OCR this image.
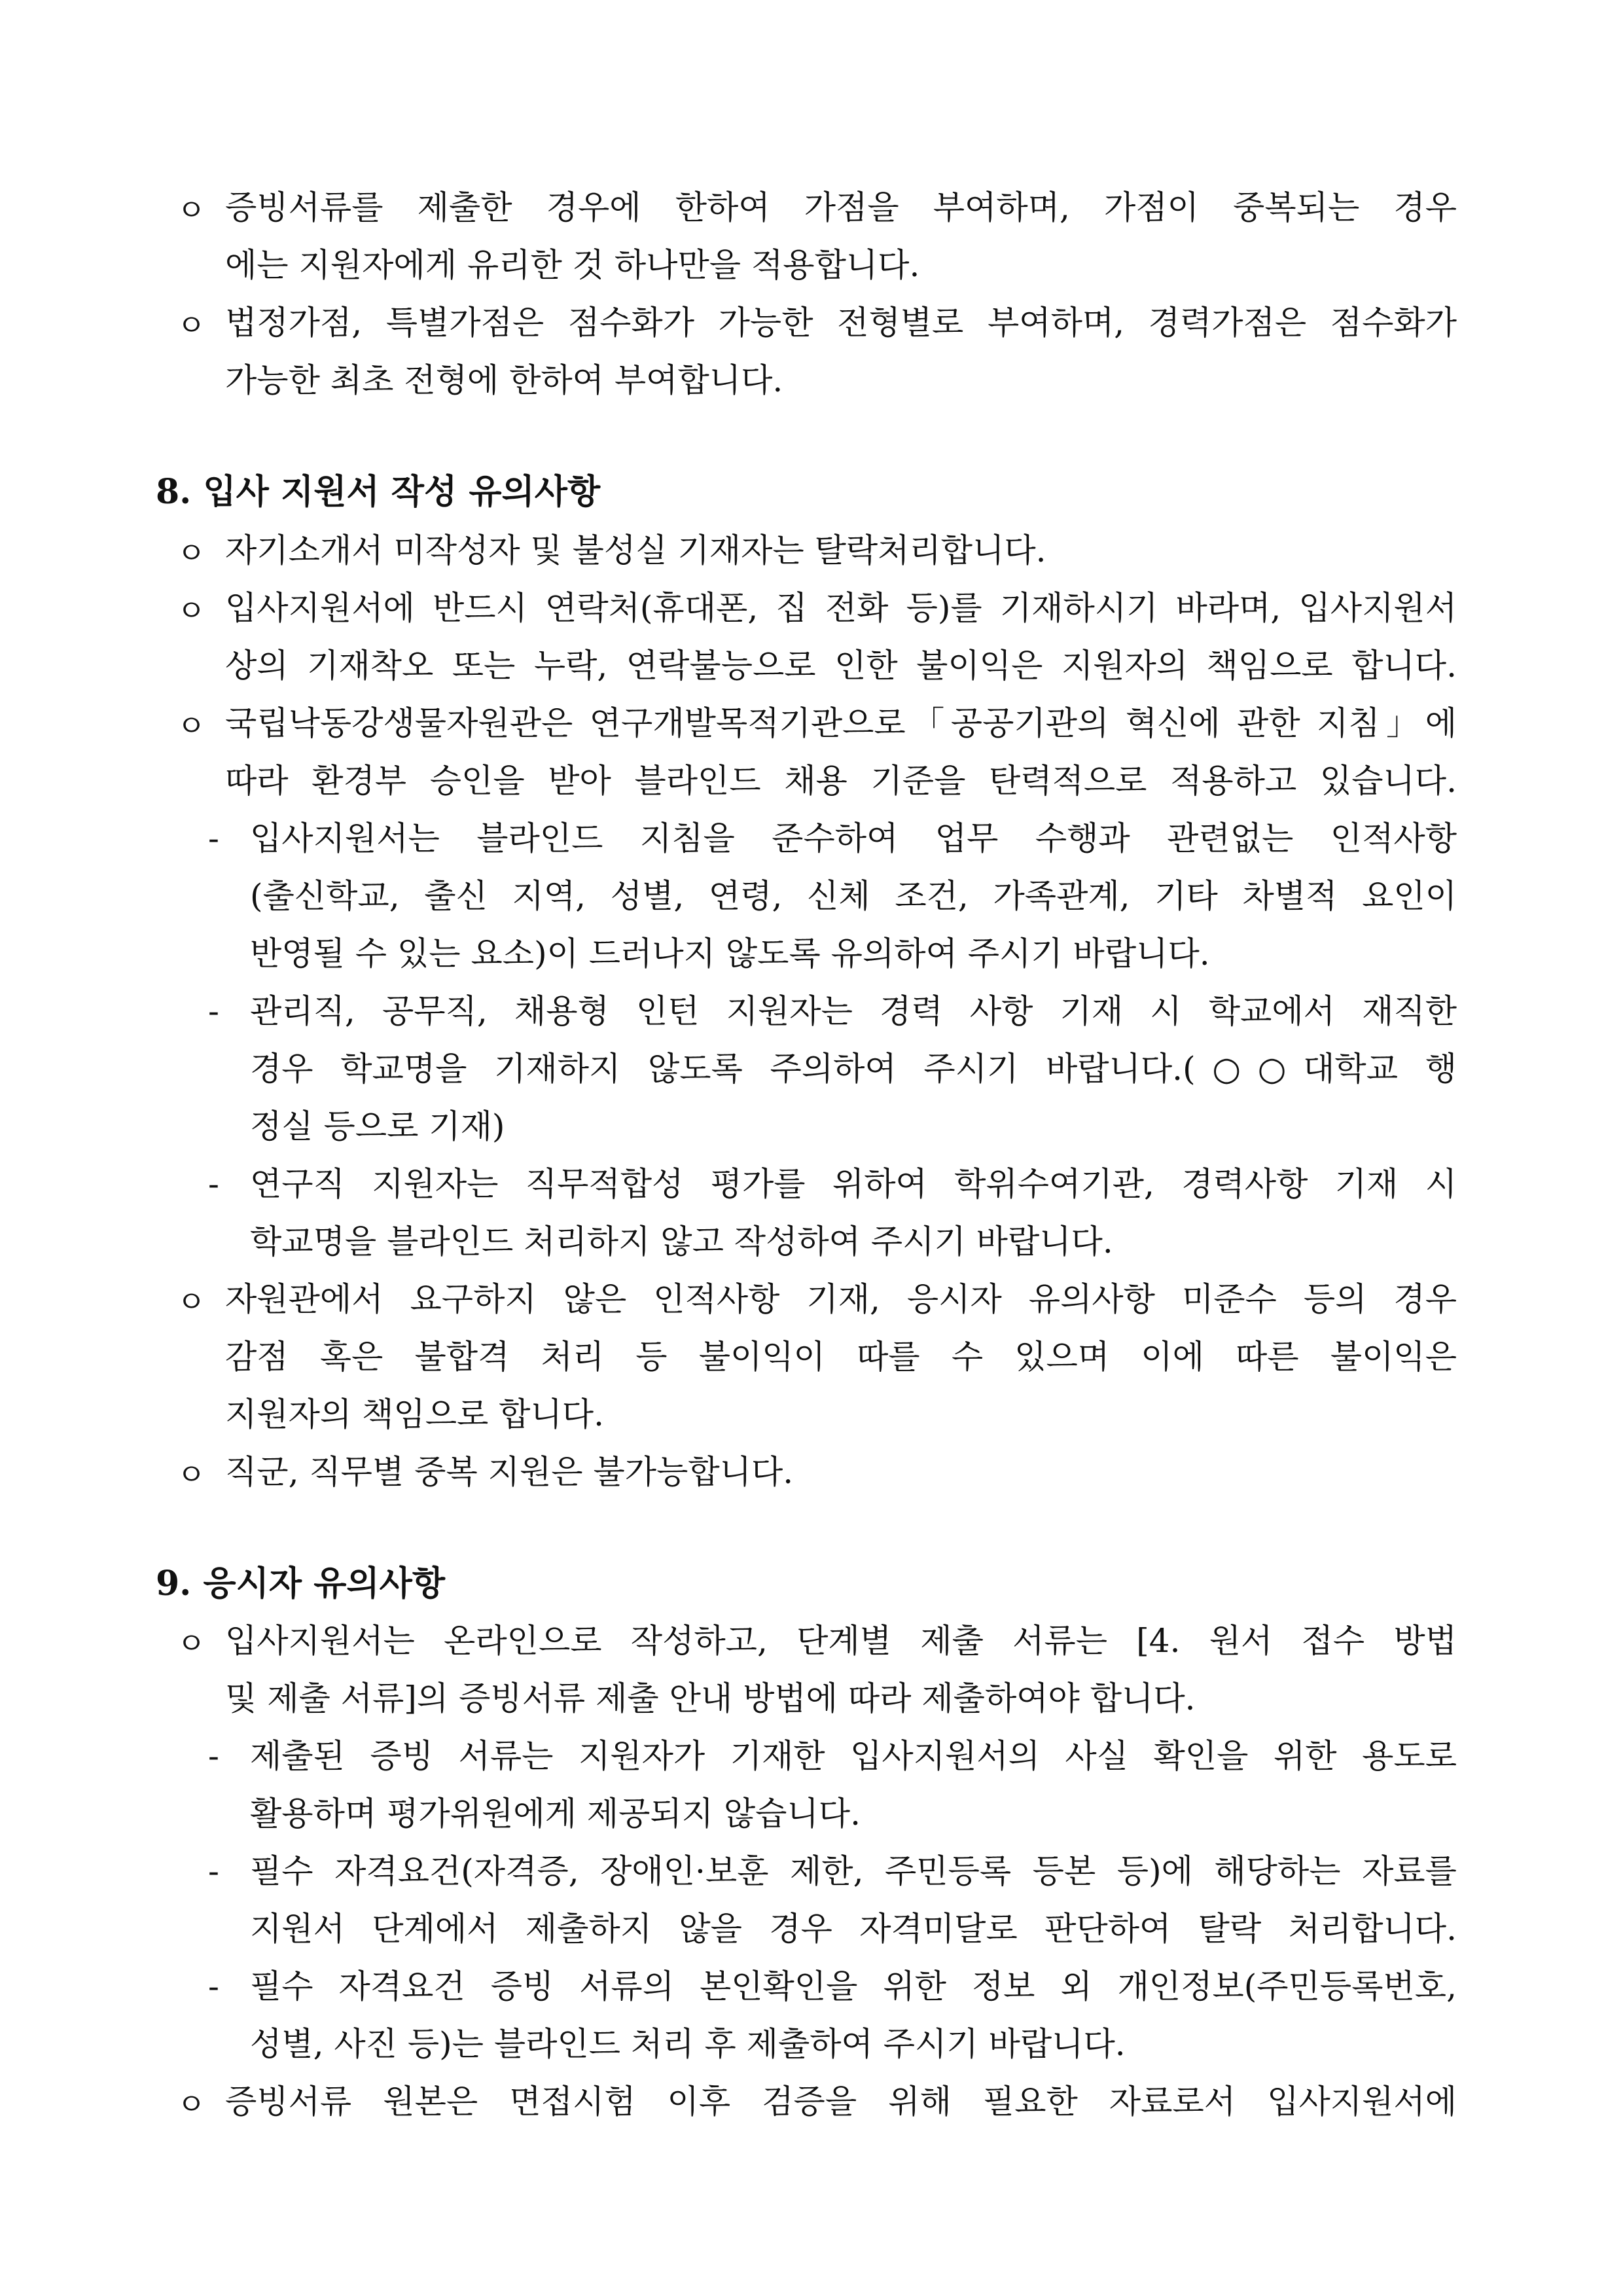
ㅇ 증빙서류를 제출한 경우에 한하여 가점을 부여하며, 가점이 중복되는 경우
에는 지원자에게 유리한 것 하나만을 적용합니다.
ㅇ 법정가점, 특별가점은 점수화가 가능한 전형별로 부여하며, 경력가점은 점수화가
가능한 최초 전형에 한하여 부여합니다.
8. 입사 지원서 작성 유의사항
ㅇ 자기소개서 미작성자 및 불성실 기재자는 탈락처리합니다.
ㅇ 입사지원서에 반드시 연락처(휴대폰, 집 전화 등)를 기재하시기 바라며, 입사지원서
상의 기재착오 또는 누락, 연락불능으로 인한 불이익은 지원자의 책임으로 합니다.
ㅇ 국립낙동강생물자원관은 연구개발목적기관으로「공공기관의 혁신에 관한 지침」에
따라 환경부 승인을 받아 블라인드 채용 기준을 탄력적으로 적용하고 있습니다.
- 입사지원서는 블라인드 지침을 준수하여 업무 수행과 관련없는 인적사항
(출신학교, 출신 지역, 성별, 연령, 신체 조건, 가족관계, 기타 차별적 요인이
반영될 수 있는 요소)이 드러나지 않도록 유의하여 주시기 바랍니다.
- 관리직, 공무직, 채용형 인턴 지원자는 경력 사항 기재 시 학교에서 재직한
경우 학교명을 기재하지 않도록 주의하여 주시기 바랍니다.(○○대학교 행
정실 등으로 기재)
- 연구직 지원자는 직무적합성 평가를 위하여 학위수여기관, 경력사항 기재 시
학교명을 블라인드 처리하지 않고 작성하여 주시기 바랍니다.
ㅇ 자원관에서 요구하지 않은 인적사항 기재, 응시자 유의사항 미준수 등의 경우
감점 혹은 불합격 처리 등 불이익이 따를 수 있으며 이에 따른 불이익은
지원자의 책임으로 합니다.
ㅇ 직군, 직무별 중복 지원은 불가능합니다.
9. 응시자 유의사항
ㅇ 입사지원서는 온라인으로 작성하고, 단계별 제출 서류는 [4. 원서 접수 방법
및 제출 서류]의 증빙서류 제출 안내 방법에 따라 제출하여야 합니다.
- 제출된 증빙 서류는 지원자가 기재한 입사지원서의 사실 확인을 위한 용도로
활용하며 평가위원에게 제공되지 않습니다.
- 필수 자격요건(자격증, 장애인·보훈 제한, 주민등록 등본 등)에 해당하는 자료를
지원서 단계에서 제출하지 않을 경우 자격미달로 판단하여 탈락 처리합니다.
- 필수 자격요건 증빙 서류의 본인확인을 위한 정보 외 개인정보(주민등록번호,
성별, 사진 등)는 블라인드 처리 후 제출하여 주시기 바랍니다.
ㅇ 증빙서류 원본은 면접시험 이후 검증을 위해 필요한 자료로서 입사지원서에
